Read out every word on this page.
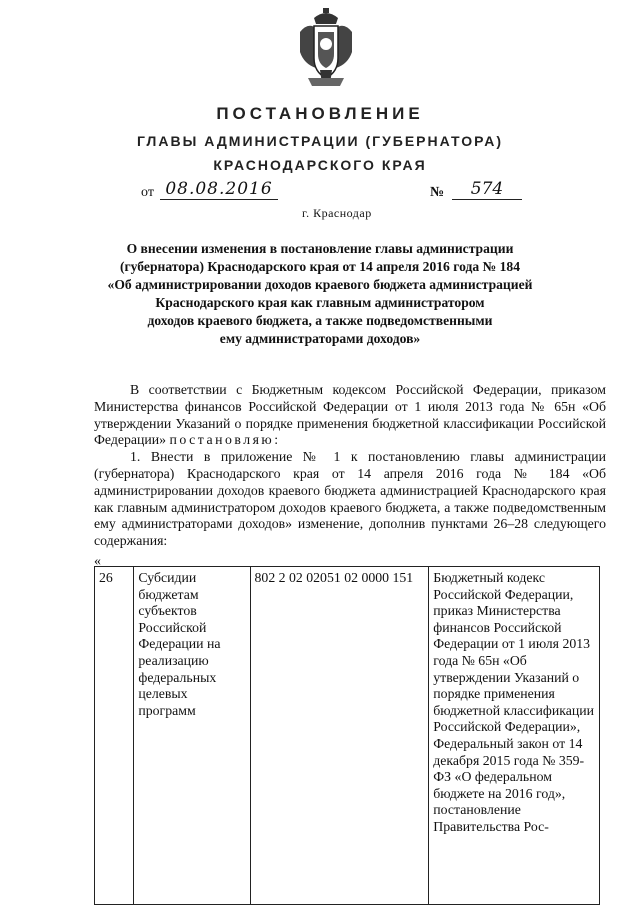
ПОСТАНОВЛЕНИЕ
ГЛАВЫ АДМИНИСТРАЦИИ (ГУБЕРНАТОРА)
КРАСНОДАРСКОГО КРАЯ
от 08.08.2016	№	574
г. Краснодар
О внесении изменения в постановление главы администрации
(губернатора) Краснодарского края от 14 апреля 2016 года № 184
«Об администрировании доходов краевого бюджета администрацией
Краснодарского края как главным администратором
доходов краевого бюджета, а также подведомственными
ему администраторами доходов»

В соответствии с Бюджетным кодексом Российской Федерации, приказом Министерства финансов Российской Федерации от 1 июля 2013 года № 65н «Об утверждении Указаний о порядке применения бюджетной классификации Российской Федерации» постановляю:

1. Внести в приложение № 1 к постановлению главы администрации (губернатора) Краснодарского края от 14 апреля 2016 года № 184 «Об администрировании доходов краевого бюджета администрацией Краснодарского края как главным администратором доходов краевого бюджета, а также подведомственным ему администраторами доходов» изменение, дополнив пунктами 26–28 следующего содержания:

«
26	Субсидии бюджетам субъектов Российской Федерации на реализацию федеральных целевых программ	802 2 02 02051 02 0000 151	Бюджетный кодекс Российской Федерации, приказ Министерства финансов Российской Федерации от 1 июля 2013 года № 65н «Об утверждении Указаний о порядке применения бюджетной классификации Российской Федерации», Федеральный закон от 14 декабря 2015 года № 359-ФЗ «О федеральном бюджете на 2016 год», постановление Правительства Рос-
